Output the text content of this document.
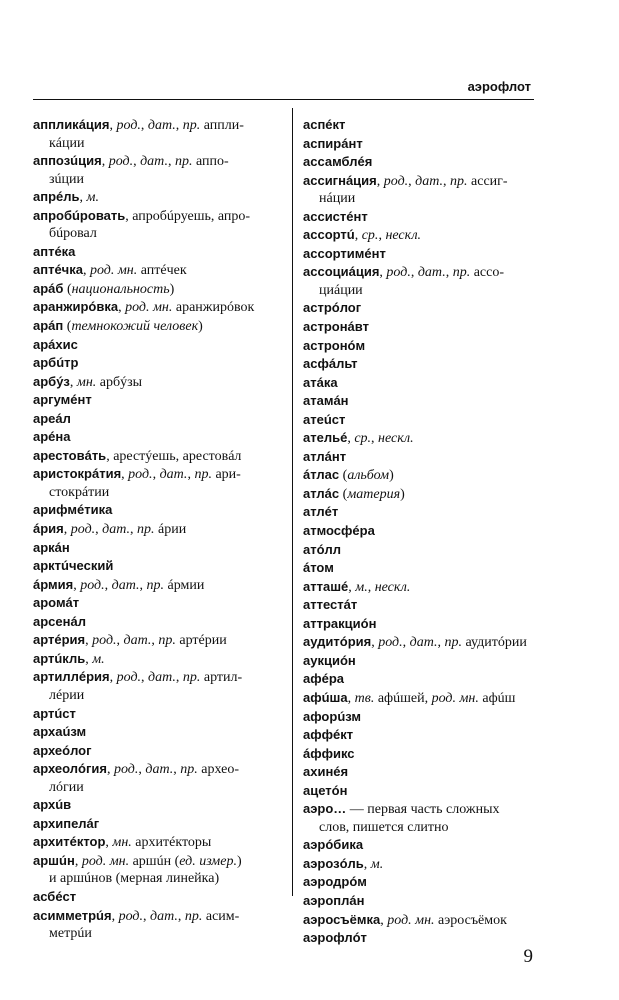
аэрофлот
аппликáция, род., дат., пр. аппли-
кáции
аппозúция, род., дат., пр. аппо-
зúции
апрéль, м.
апробúровать, апробúруешь, апро-
бúровал
аптéка
аптéчка, род. мн. аптéчек
арáб (национальность)
аранжирóвка, род. мн. аранжирóвок
арáп (темнокожий человек)
арáхис
арбúтр
арбýз, мн. арбýзы
аргумéнт
ареáл
арéна
арестовáть, арестýешь, арестовáл
аристокрáтия, род., дат., пр. ари-
стокрáтии
арифмéтика
áрия, род., дат., пр. áрии
аркáн
арктúческий
áрмия, род., дат., пр. áрмии
аромáт
арсенáл
артéрия, род., дат., пр. артéрии
артúкль, м.
артиллéрия, род., дат., пр. артил-
лéрии
артúст
архаúзм
археóлог
археолóгия, род., дат., пр. архео-
лóгии
архúв
архипелáг
архитéктор, мн. архитéкторы
аршúн, род. мн. аршúн (ед. измер.)
и аршúнов (мерная линейка)
асбéст
асимметрúя, род., дат., пр. асим-
метрúи
аспéкт
аспирáнт
ассамблéя
ассигнáция, род., дат., пр. ассиг-
нáции
ассистéнт
ассортú, ср., нескл.
ассортимéнт
ассоциáция, род., дат., пр. ассо-
циáции
астрóлог
астронáвт
астронóм
асфáльт
атáка
атамáн
атеúст
ательé, ср., нескл.
атлáнт
áтлас (альбом)
атлáс (материя)
атлéт
атмосфéра
атóлл
áтом
атташé, м., нескл.
аттестáт
аттракциóн
аудитóрия, род., дат., пр. аудитóрии
аукциóн
афéра
афúша, тв. афúшей, род. мн. афúш
афорúзм
аффéкт
áффикс
ахинéя
ацетóн
аэро… — первая часть сложных
слов, пишется слитно
аэрóбика
аэрозóль, м.
аэродрóм
аэроплáн
аэросъёмка, род. мн. аэросъёмок
аэрофлóт
9
